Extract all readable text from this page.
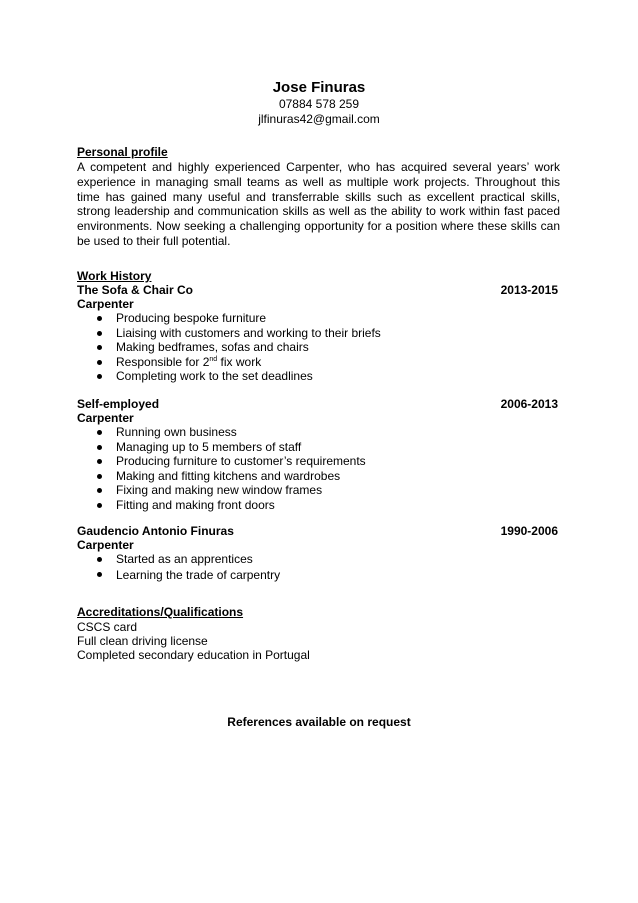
Jose Finuras
07884 578 259
jlfinuras42@gmail.com
Personal profile
A competent and highly experienced Carpenter, who has acquired several years’ work experience in managing small teams as well as multiple work projects. Throughout this time has gained many useful and transferrable skills such as excellent practical skills, strong leadership and communication skills as well as the ability to work within fast paced environments. Now seeking a challenging opportunity for a position where these skills can be used to their full potential.
Work History
The Sofa & Chair Co	2013-2015
Carpenter
Producing bespoke furniture
Liaising with customers and working to their briefs
Making bedframes, sofas and chairs
Responsible for 2nd fix work
Completing work to the set deadlines
Self-employed	2006-2013
Carpenter
Running own business
Managing up to 5 members of staff
Producing furniture to customer’s requirements
Making and fitting kitchens and wardrobes
Fixing and making new window frames
Fitting and making front doors
Gaudencio Antonio Finuras	1990-2006
Carpenter
Started as an apprentices
Learning the trade of carpentry
Accreditations/Qualifications
CSCS card
Full clean driving license
Completed secondary education in Portugal
References available on request
